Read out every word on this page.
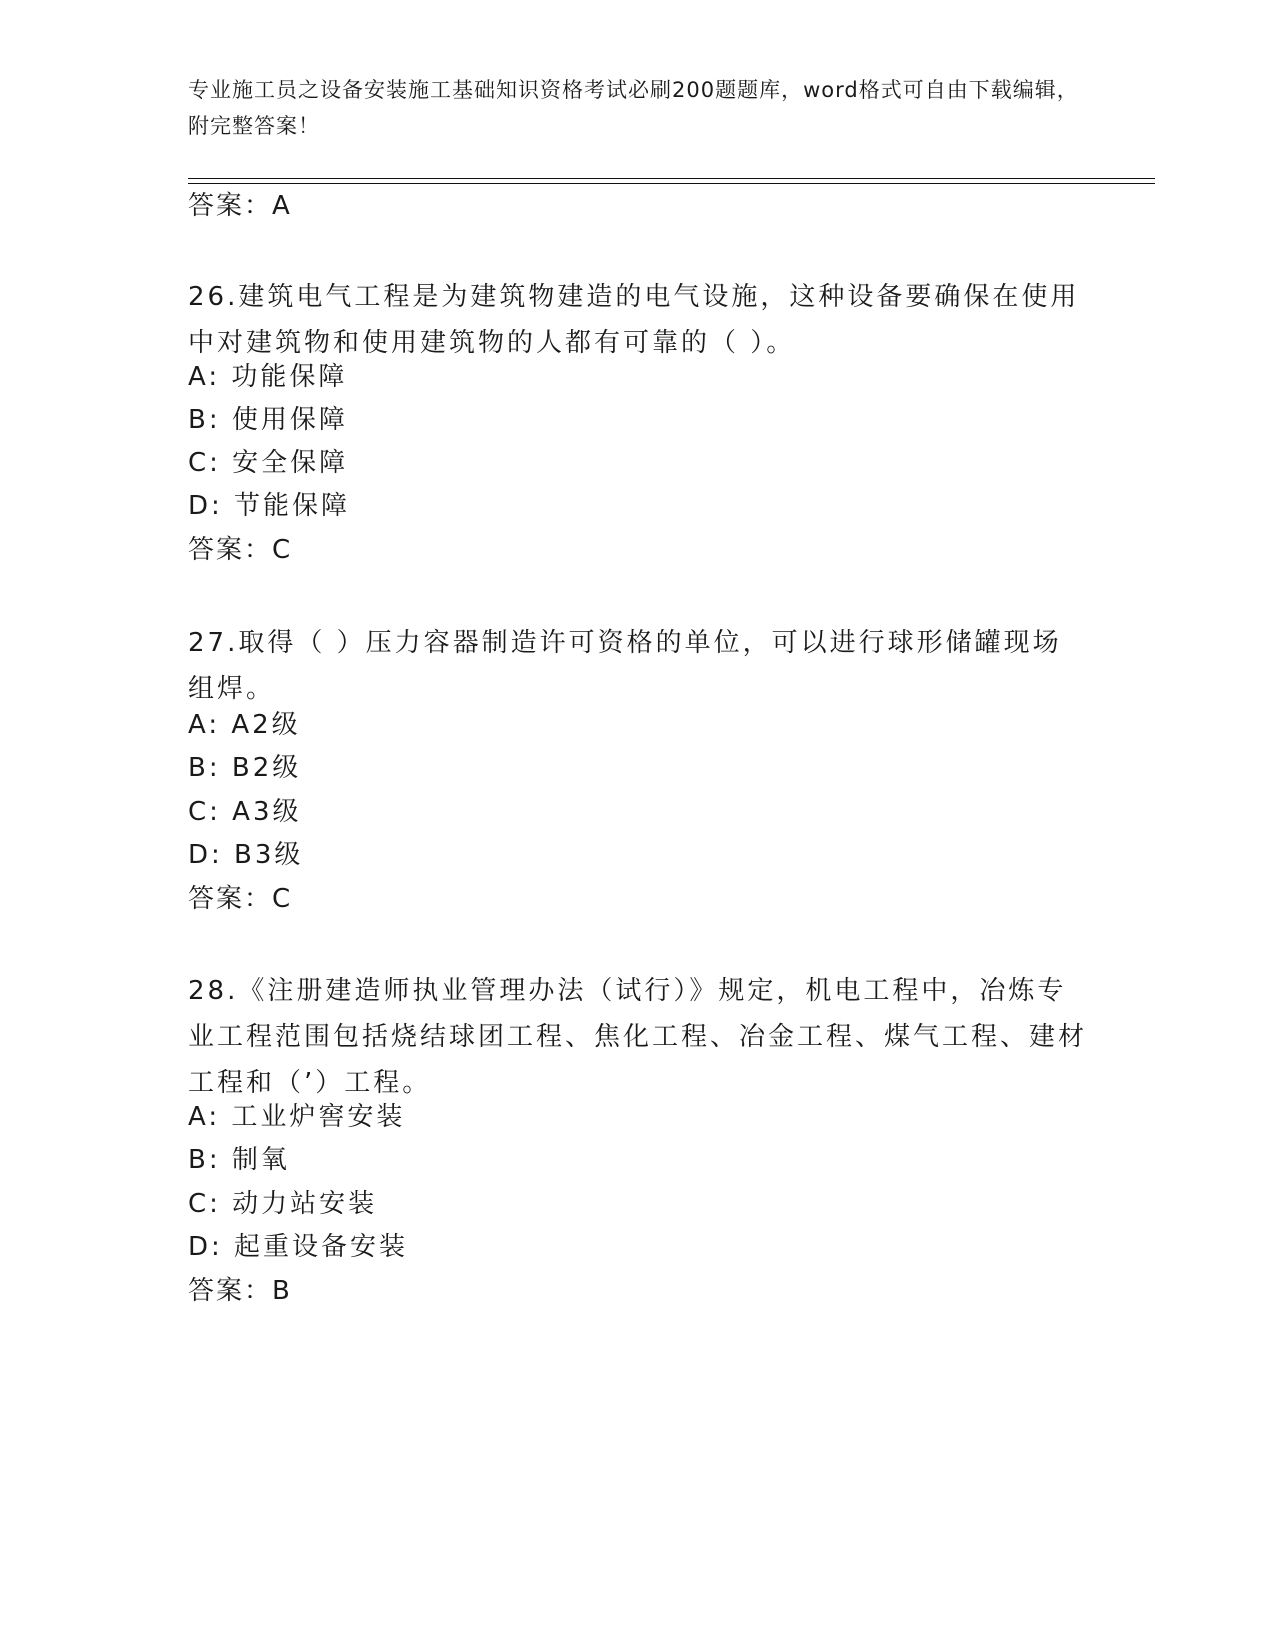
专业施工员之设备安装施工基础知识资格考试必刷200题题库，word格式可自由下载编辑，附完整答案！
答案：A
26.建筑电气工程是为建筑物建造的电气设施，这种设备要确保在使用中对建筑物和使用建筑物的人都有可靠的（ ）。
A: 功能保障
B: 使用保障
C: 安全保障
D: 节能保障
答案：C
27.取得（ ）压力容器制造许可资格的单位，可以进行球形储罐现场组焊。
A: A2级
B: B2级
C: A3级
D: B3级
答案：C
28.《注册建造师执业管理办法（试行）》规定，机电工程中，冶炼专业工程范围包括烧结球团工程、焦化工程、冶金工程、煤气工程、建材工程和（’）工程。
A: 工业炉窖安装
B: 制氧
C: 动力站安装
D: 起重设备安装
答案：B
